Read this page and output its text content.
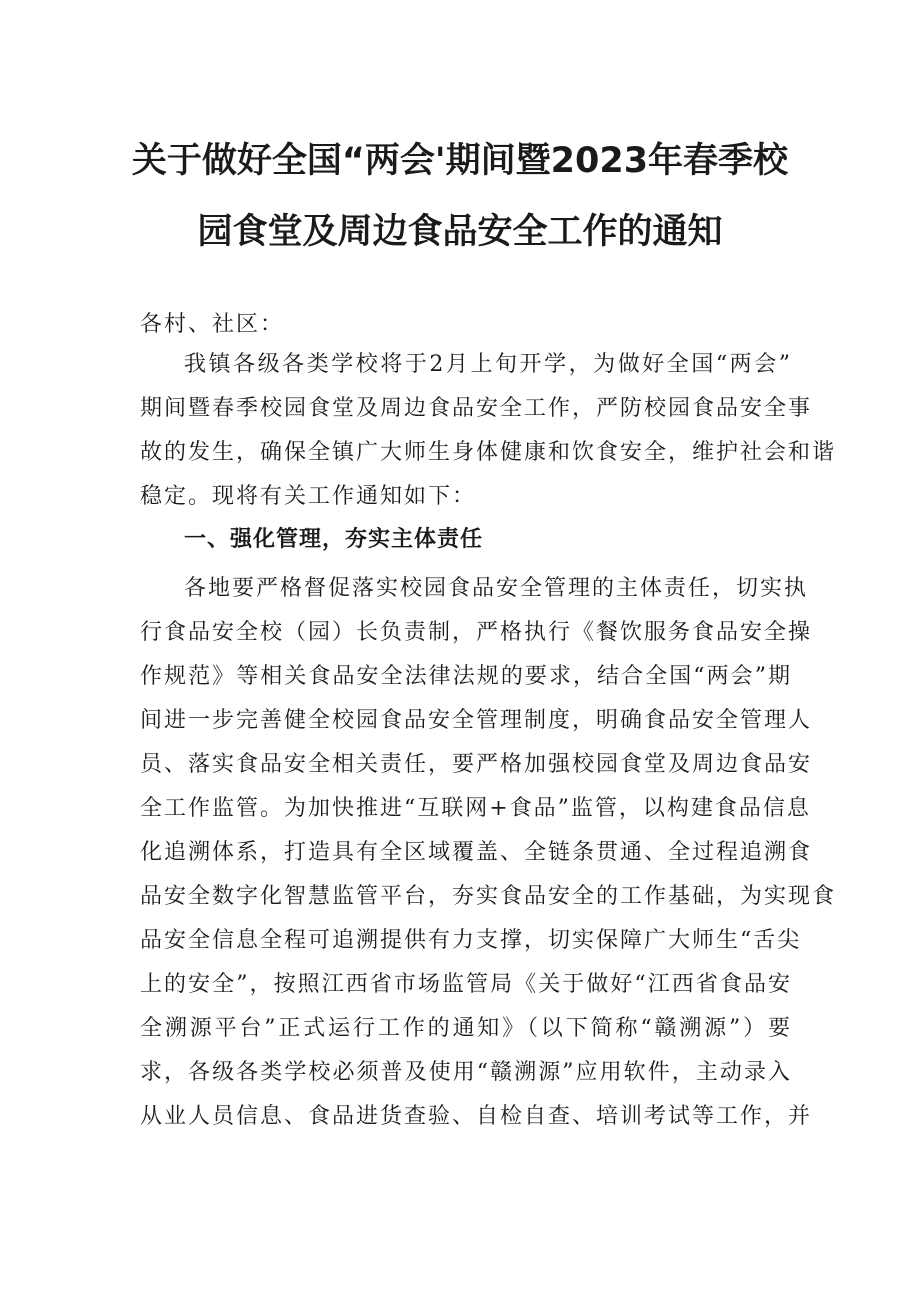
关于做好全国“两会'期间暨2023年春季校
园食堂及周边食品安全工作的通知
各村、社区：
我镇各级各类学校将于2月上旬开学，为做好全国“两会”
期间暨春季校园食堂及周边食品安全工作，严防校园食品安全事
故的发生，确保全镇广大师生身体健康和饮食安全，维护社会和谐
稳定。现将有关工作通知如下：
一、强化管理，夯实主体责任
各地要严格督促落实校园食品安全管理的主体责任，切实执
行食品安全校（园）长负责制，严格执行《餐饮服务食品安全操
作规范》等相关食品安全法律法规的要求，结合全国“两会”期
间进一步完善健全校园食品安全管理制度，明确食品安全管理人
员、落实食品安全相关责任，要严格加强校园食堂及周边食品安
全工作监管。为加快推进“互联网+食品”监管，以构建食品信息
化追溯体系，打造具有全区域覆盖、全链条贯通、全过程追溯食
品安全数字化智慧监管平台，夯实食品安全的工作基础，为实现食
品安全信息全程可追溯提供有力支撑，切实保障广大师生“舌尖
上的安全”，按照江西省市场监管局《关于做好“江西省食品安
全溯源平台”正式运行工作的通知》（以下简称“赣溯源”）要
求，各级各类学校必须普及使用“赣溯源”应用软件，主动录入
从业人员信息、食品进货查验、自检自查、培训考试等工作，并
